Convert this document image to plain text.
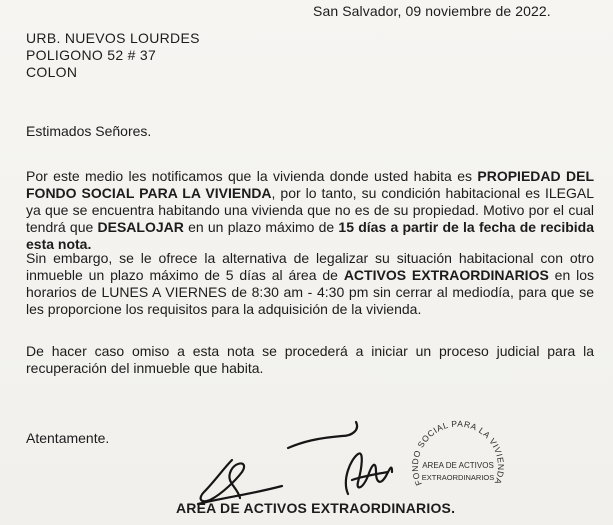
San Salvador, 09 noviembre de 2022.
URB. NUEVOS LOURDES
POLIGONO 52 # 37
COLON
Estimados Señores.
Por este medio les notificamos que la vivienda donde usted habita es PROPIEDAD DEL FONDO SOCIAL PARA LA VIVIENDA, por lo tanto, su condición habitacional es ILEGAL ya que se encuentra habitando una vivienda que no es de su propiedad. Motivo por el cual tendrá que DESALOJAR en un plazo máximo de 15 días a partir de la fecha de recibida esta nota.
Sin embargo, se le ofrece la alternativa de legalizar su situación habitacional con otro inmueble un plazo máximo de 5 días al área de ACTIVOS EXTRAORDINARIOS en los horarios de LUNES A VIERNES de 8:30 am - 4:30 pm sin cerrar al mediodía, para que se les proporcione los requisitos para la adquisición de la vivienda.
De hacer caso omiso a esta nota se procederá a iniciar un proceso judicial para la recuperación del inmueble que habita.
Atentamente.
FONDO SOCIAL PARA LA VIVIENDA
AREA DE ACTIVOS
EXTRAORDINARIOS
AREA DE ACTIVOS EXTRAORDINARIOS.
